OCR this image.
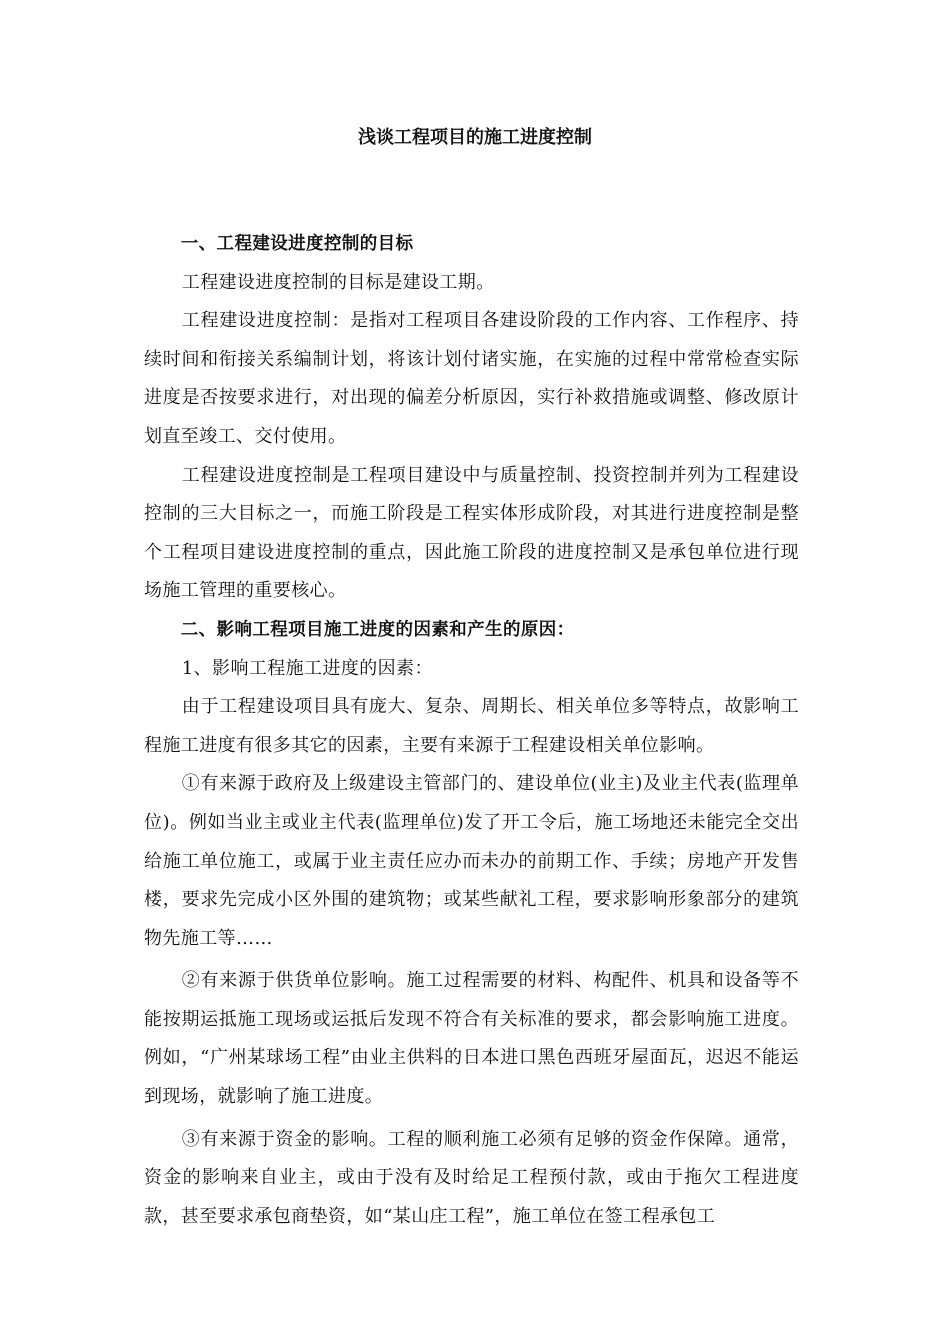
浅谈工程项目的施工进度控制

一、工程建设进度控制的目标

工程建设进度控制的目标是建设工期。

工程建设进度控制：是指对工程项目各建设阶段的工作内容、工作程序、持续时间和衔接关系编制计划，将该计划付诸实施，在实施的过程中常常检查实际进度是否按要求进行，对出现的偏差分析原因，实行补救措施或调整、修改原计划直至竣工、交付使用。

工程建设进度控制是工程项目建设中与质量控制、投资控制并列为工程建设控制的三大目标之一，而施工阶段是工程实体形成阶段，对其进行进度控制是整个工程项目建设进度控制的重点，因此施工阶段的进度控制又是承包单位进行现场施工管理的重要核心。

二、影响工程项目施工进度的因素和产生的原因：

1、影响工程施工进度的因素：

由于工程建设项目具有庞大、复杂、周期长、相关单位多等特点，故影响工程施工进度有很多其它的因素，主要有来源于工程建设相关单位影响。

①有来源于政府及上级建设主管部门的、建设单位(业主)及业主代表(监理单位)。例如当业主或业主代表(监理单位)发了开工令后，施工场地还未能完全交出给施工单位施工，或属于业主责任应办而未办的前期工作、手续；房地产开发售楼，要求先完成小区外围的建筑物；或某些献礼工程，要求影响形象部分的建筑物先施工等……

②有来源于供货单位影响。施工过程需要的材料、构配件、机具和设备等不能按期运抵施工现场或运抵后发现不符合有关标准的要求，都会影响施工进度。例如，“广州某球场工程”由业主供料的日本进口黑色西班牙屋面瓦，迟迟不能运到现场，就影响了施工进度。

③有来源于资金的影响。工程的顺利施工必须有足够的资金作保障。通常，资金的影响来自业主，或由于没有及时给足工程预付款，或由于拖欠工程进度款，甚至要求承包商垫资，如“某山庄工程”，施工单位在签工程承包工
